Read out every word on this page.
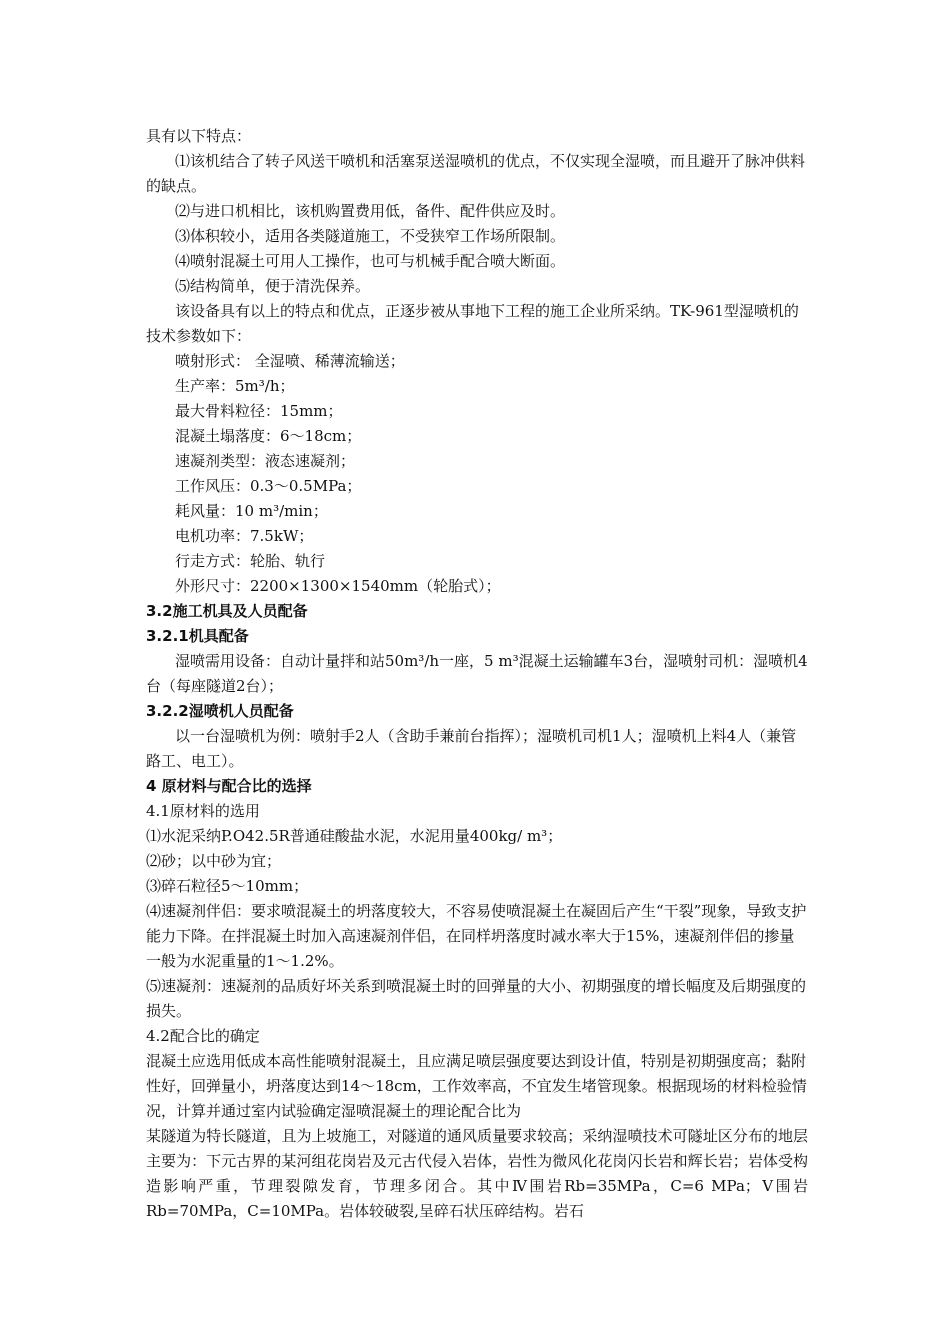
具有以下特点：

⑴该机结合了转子风送干喷机和活塞泵送湿喷机的优点，不仅实现全湿喷，而且避开了脉冲供料的缺点。

⑵与进口机相比，该机购置费用低，备件、配件供应及时。

⑶体积较小，适用各类隧道施工，不受狭窄工作场所限制。

⑷喷射混凝土可用人工操作，也可与机械手配合喷大断面。

⑸结构简单，便于清洗保养。

该设备具有以上的特点和优点，正逐步被从事地下工程的施工企业所采纳。TK-961型湿喷机的技术参数如下：

喷射形式： 全湿喷、稀薄流输送；

生产率：5m³/h；

最大骨料粒径：15mm；

混凝土塌落度：6～18cm；

速凝剂类型：液态速凝剂；

工作风压：0.3～0.5MPa；

耗风量：10 m³/min；

电机功率：7.5kW；

行走方式：轮胎、轨行

外形尺寸：2200×1300×1540mm（轮胎式）；

3.2施工机具及人员配备

3.2.1机具配备

湿喷需用设备：自动计量拌和站50m³/h一座，5 m³混凝土运输罐车3台，湿喷射司机：湿喷机4台（每座隧道2台）；

3.2.2湿喷机人员配备

以一台湿喷机为例：喷射手2人（含助手兼前台指挥）；湿喷机司机1人；湿喷机上料4人（兼管路工、电工）。

4 原材料与配合比的选择

4.1原材料的选用

⑴水泥采纳P.O42.5R普通硅酸盐水泥，水泥用量400kg/ m³；

⑵砂；以中砂为宜；

⑶碎石粒径5～10mm；

⑷速凝剂伴侣：要求喷混凝土的坍落度较大，不容易使喷混凝土在凝固后产生“干裂”现象，导致支护能力下降。在拌混凝土时加入高速凝剂伴侣，在同样坍落度时减水率大于15%，速凝剂伴侣的掺量一般为水泥重量的1～1.2%。

⑸速凝剂：速凝剂的品质好坏关系到喷混凝土时的回弹量的大小、初期强度的增长幅度及后期强度的损失。

4.2配合比的确定

混凝土应选用低成本高性能喷射混凝土，且应满足喷层强度要达到设计值，特别是初期强度高；黏附性好，回弹量小，坍落度达到14～18cm，工作效率高，不宜发生堵管现象。根据现场的材料检验情况，计算并通过室内试验确定湿喷混凝土的理论配合比为

某隧道为特长隧道，且为上坡施工，对隧道的通风质量要求较高；采纳湿喷技术可隧址区分布的地层主要为：下元古界的某河组花岗岩及元古代侵入岩体，岩性为微风化花岗闪长岩和辉长岩；岩体受构造影响严重，节理裂隙发育，节理多闭合。其中Ⅳ围岩Rb=35MPa，C=6 MPa；Ⅴ围岩Rb=70MPa，C=10MPa。岩体较破裂,呈碎石状压碎结构。岩石
